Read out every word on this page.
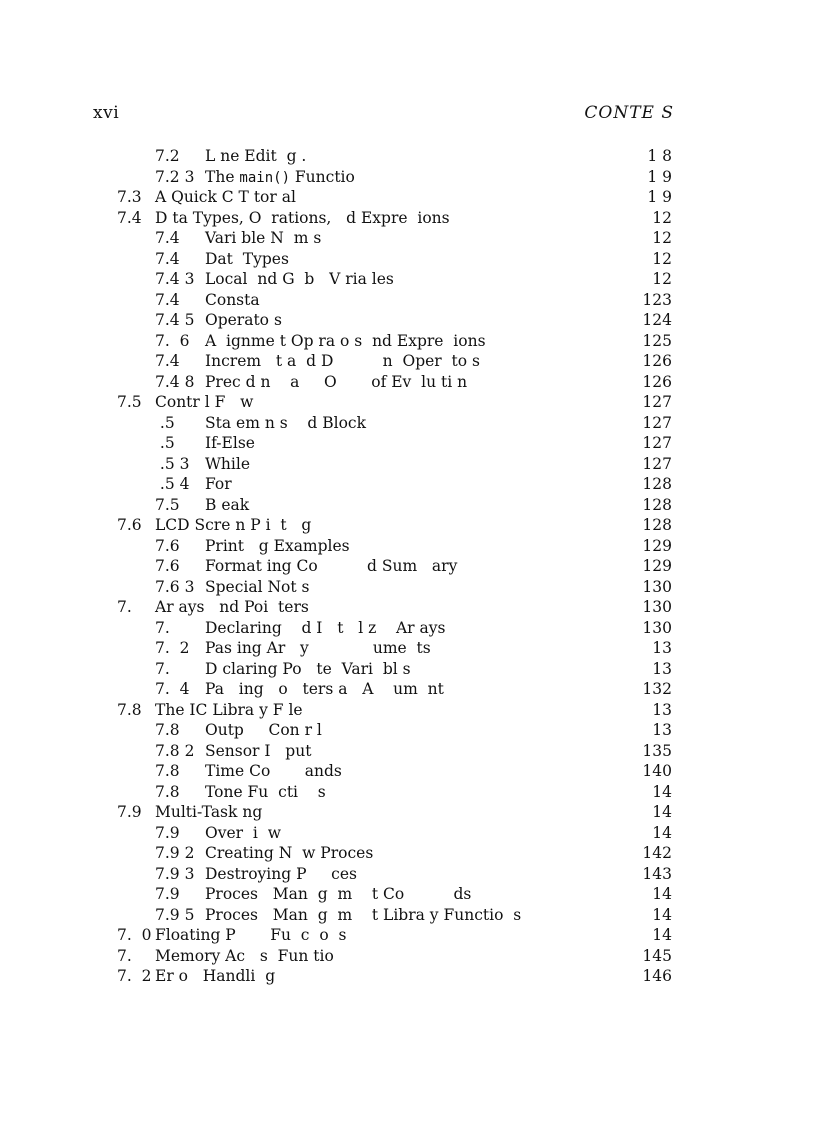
xvi	CONTE S
7.2 L ne Edit  g .	1 8
7.2 3 The main() Functio	1 9
7.3 A Quick C T tor al	1 9
7.4 D ta Types, O  rations,   d Expre  ions	12
7.4 Vari ble N  m s	12
7.4 Dat  Types	12
7.4 3 Local  nd G  b   V ria les	12
7.4 Consta	123
7.4 5 Operato s	124
7.  6 A  ignme t Op ra o s  nd Expre  ions	125
7.4 Increm   t a  d D          n  Oper  to s	126
7.4 8 Prec d n    a     O       of Ev  lu ti n	126
7.5 Contr l F   w	127
.5 Sta em n s    d Block	127
.5 If-Else	127
.5 3 While	127
.5 4 For	128
7.5 B eak	128
7.6 LCD Scre n P i  t   g	128
7.6 Print   g Examples	129
7.6 Format ing Co          d Sum   ary	129
7.6 3 Special Not s	130
7. Ar ays   nd Poi  ters	130
7. Declaring    d I   t   l z    Ar ays	130
7.  2 Pas ing Ar   y             ume  ts	13
7. D claring Po   te  Vari  bl s	13
7.  4 Pa   ing   o   ters a   A    um  nt	132
7.8 The IC Libra y F le	13
7.8 Outp     Con r l	13
7.8 2 Sensor I   put	135
7.8 Time Co       ands	140
7.8 Tone Fu  cti    s	14
7.9 Multi-Task ng	14
7.9 Over  i  w	14
7.9 2 Creating N  w Proces	142
7.9 3 Destroying P     ces	143
7.9 Proces   Man  g  m    t Co          ds	14
7.9 5 Proces   Man  g  m    t Libra y Functio  s	14
7.  0 Floating P       Fu  c  o  s	14
7. Memory Ac   s  Fun tio	145
7.  2 Er o   Handli  g	146
